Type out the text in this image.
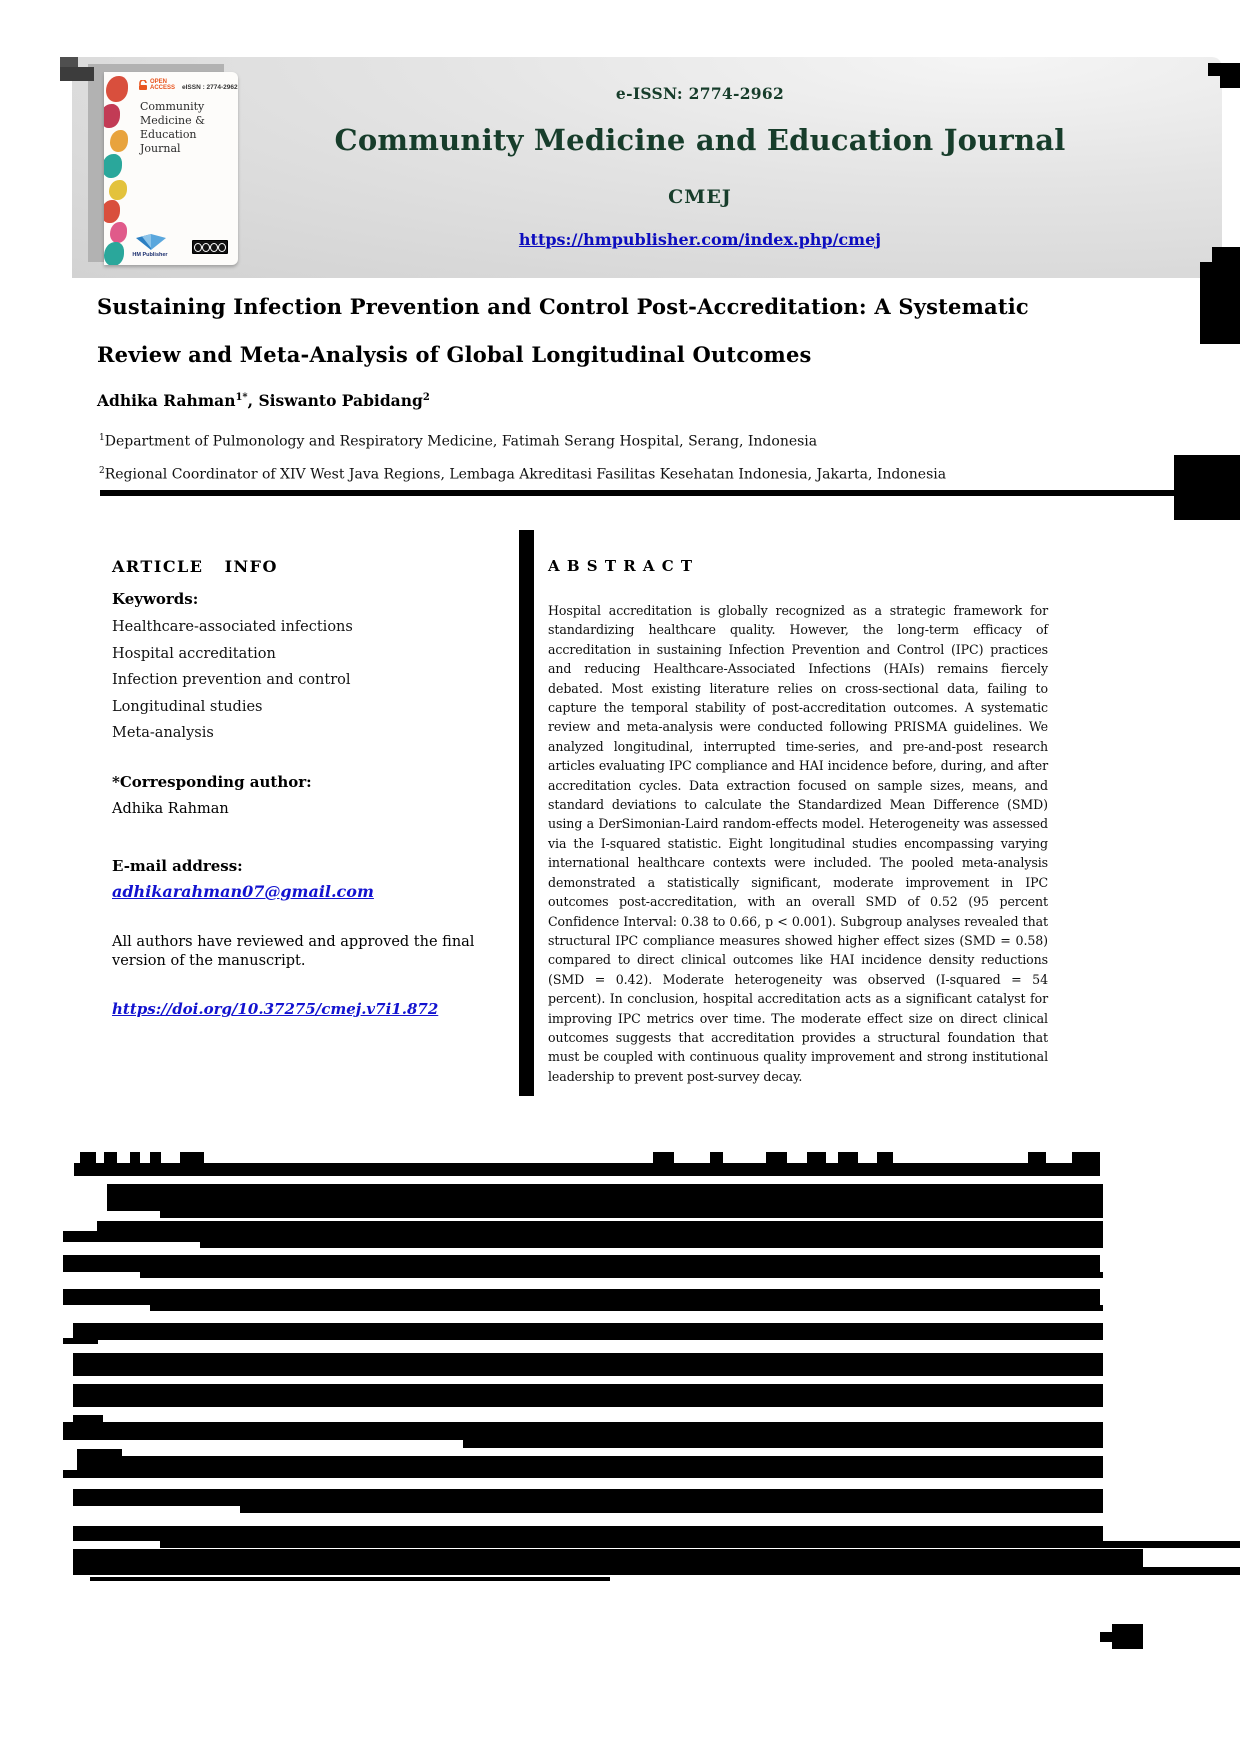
OPEN
ACCESS eISSN : 2774-2962
Community Medicine & Education Journal
HM Publisher
e-ISSN: 2774-2962
Community Medicine and Education Journal
CMEJ
https://hmpublisher.com/index.php/cmej
Sustaining Infection Prevention and Control Post-Accreditation: A Systematic
Review and Meta-Analysis of Global Longitudinal Outcomes
Adhika Rahman$^{1*}$, Siswanto Pabidang$^2$
$^1$Department of Pulmonology and Respiratory Medicine, Fatimah Serang Hospital, Serang, Indonesia
$^2$Regional Coordinator of XIV West Java Regions, Lembaga Akreditasi Fasilitas Kesehatan Indonesia, Jakarta, Indonesia
ARTICLE INFO
Keywords:
Healthcare-associated infections
Hospital accreditation
Infection prevention and control
Longitudinal studies
Meta-analysis
*Corresponding author:
Adhika Rahman
E-mail address:
adhikarahman07@gmail.com
All authors have reviewed and approved the final version of the manuscript.
https://doi.org/10.37275/cmej.v7i1.872
A B S T R A C T
Hospital accreditation is globally recognized as a strategic framework for standardizing healthcare quality. However, the long-term efficacy of accreditation in sustaining Infection Prevention and Control (IPC) practices and reducing Healthcare-Associated Infections (HAIs) remains fiercely debated. Most existing literature relies on cross-sectional data, failing to capture the temporal stability of post-accreditation outcomes. A systematic review and meta-analysis were conducted following PRISMA guidelines. We analyzed longitudinal, interrupted time-series, and pre-and-post research articles evaluating IPC compliance and HAI incidence before, during, and after accreditation cycles. Data extraction focused on sample sizes, means, and standard deviations to calculate the Standardized Mean Difference (SMD) using a DerSimonian-Laird random-effects model. Heterogeneity was assessed via the I-squared statistic. Eight longitudinal studies encompassing varying international healthcare contexts were included. The pooled meta-analysis demonstrated a statistically significant, moderate improvement in IPC outcomes post-accreditation, with an overall SMD of 0.52 (95 percent Confidence Interval: 0.38 to 0.66, p < 0.001). Subgroup analyses revealed that structural IPC compliance measures showed higher effect sizes (SMD = 0.58) compared to direct clinical outcomes like HAI incidence density reductions (SMD = 0.42). Moderate heterogeneity was observed (I-squared = 54 percent). In conclusion, hospital accreditation acts as a significant catalyst for improving IPC metrics over time. The moderate effect size on direct clinical outcomes suggests that accreditation provides a structural foundation that must be coupled with continuous quality improvement and strong institutional leadership to prevent post-survey decay.
